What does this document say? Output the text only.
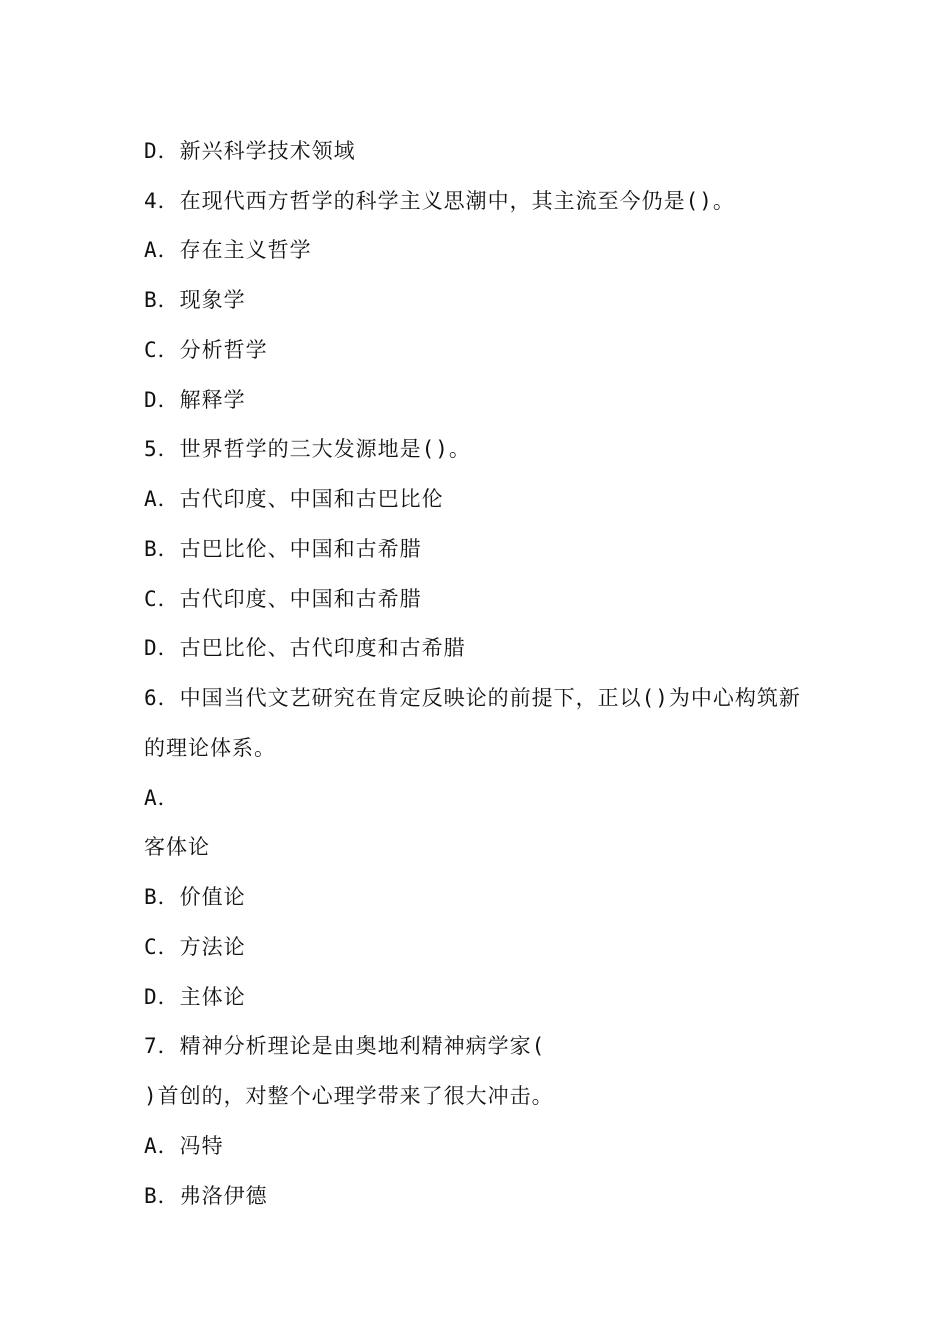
D．新兴科学技术领域
4．在现代西方哲学的科学主义思潮中，其主流至今仍是()。
A．存在主义哲学
B．现象学
C．分析哲学
D．解释学
5．世界哲学的三大发源地是()。
A．古代印度、中国和古巴比伦
B．古巴比伦、中国和古希腊
C．古代印度、中国和古希腊
D．古巴比伦、古代印度和古希腊
6．中国当代文艺研究在肯定反映论的前提下，正以()为中心构筑新
的理论体系。
A．
客体论
B．价值论
C．方法论
D．主体论
7．精神分析理论是由奥地利精神病学家(
)首创的，对整个心理学带来了很大冲击。
A．冯特
B．弗洛伊德
